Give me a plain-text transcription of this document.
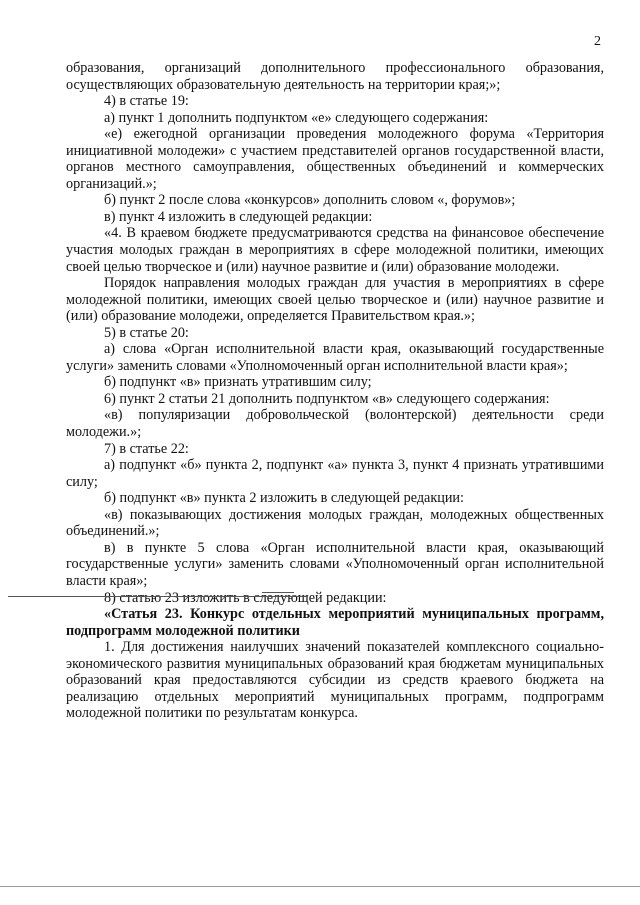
2

образования, организаций дополнительного профессионального образования, осуществляющих образовательную деятельность на территории края;»;

4) в статье 19:

а) пункт 1 дополнить подпунктом «е» следующего содержания:

«е) ежегодной организации проведения молодежного форума «Территория инициативной молодежи» с участием представителей органов государственной власти, органов местного самоуправления, общественных объединений и коммерческих организаций.»;

б) пункт 2 после слова «конкурсов» дополнить словом «, форумов»;

в) пункт 4 изложить в следующей редакции:

«4. В краевом бюджете предусматриваются средства на финансовое обеспечение участия молодых граждан в мероприятиях в сфере молодежной политики, имеющих своей целью творческое и (или) научное развитие и (или) образование молодежи.

Порядок направления молодых граждан для участия в мероприятиях в сфере молодежной политики, имеющих своей целью творческое и (или) научное развитие и (или) образование молодежи, определяется Правительством края.»;

5) в статье 20:

а) слова «Орган исполнительной власти края, оказывающий государственные услуги» заменить словами «Уполномоченный орган исполнительной власти края»;

б) подпункт «в» признать утратившим силу;

6) пункт 2 статьи 21 дополнить подпунктом «в» следующего содержания:

«в) популяризации добровольческой (волонтерской) деятельности среди молодежи.»;

7) в статье 22:

а) подпункт «б» пункта 2, подпункт «а» пункта 3, пункт 4 признать утратившими силу;

б) подпункт «в» пункта 2 изложить в следующей редакции:

«в) показывающих достижения молодых граждан, молодежных общественных объединений.»;

в) в пункте 5 слова «Орган исполнительной власти края, оказывающий государственные услуги» заменить словами «Уполномоченный орган исполнительной власти края»;

8) статью 23 изложить в следующей редакции:

«Статья 23. Конкурс отдельных мероприятий муниципальных программ, подпрограмм молодежной политики

1. Для достижения наилучших значений показателей комплексного социально-экономического развития муниципальных образований края бюджетам муниципальных образований края предоставляются субсидии из средств краевого бюджета на реализацию отдельных мероприятий муниципальных программ, подпрограмм молодежной политики по результатам конкурса.
